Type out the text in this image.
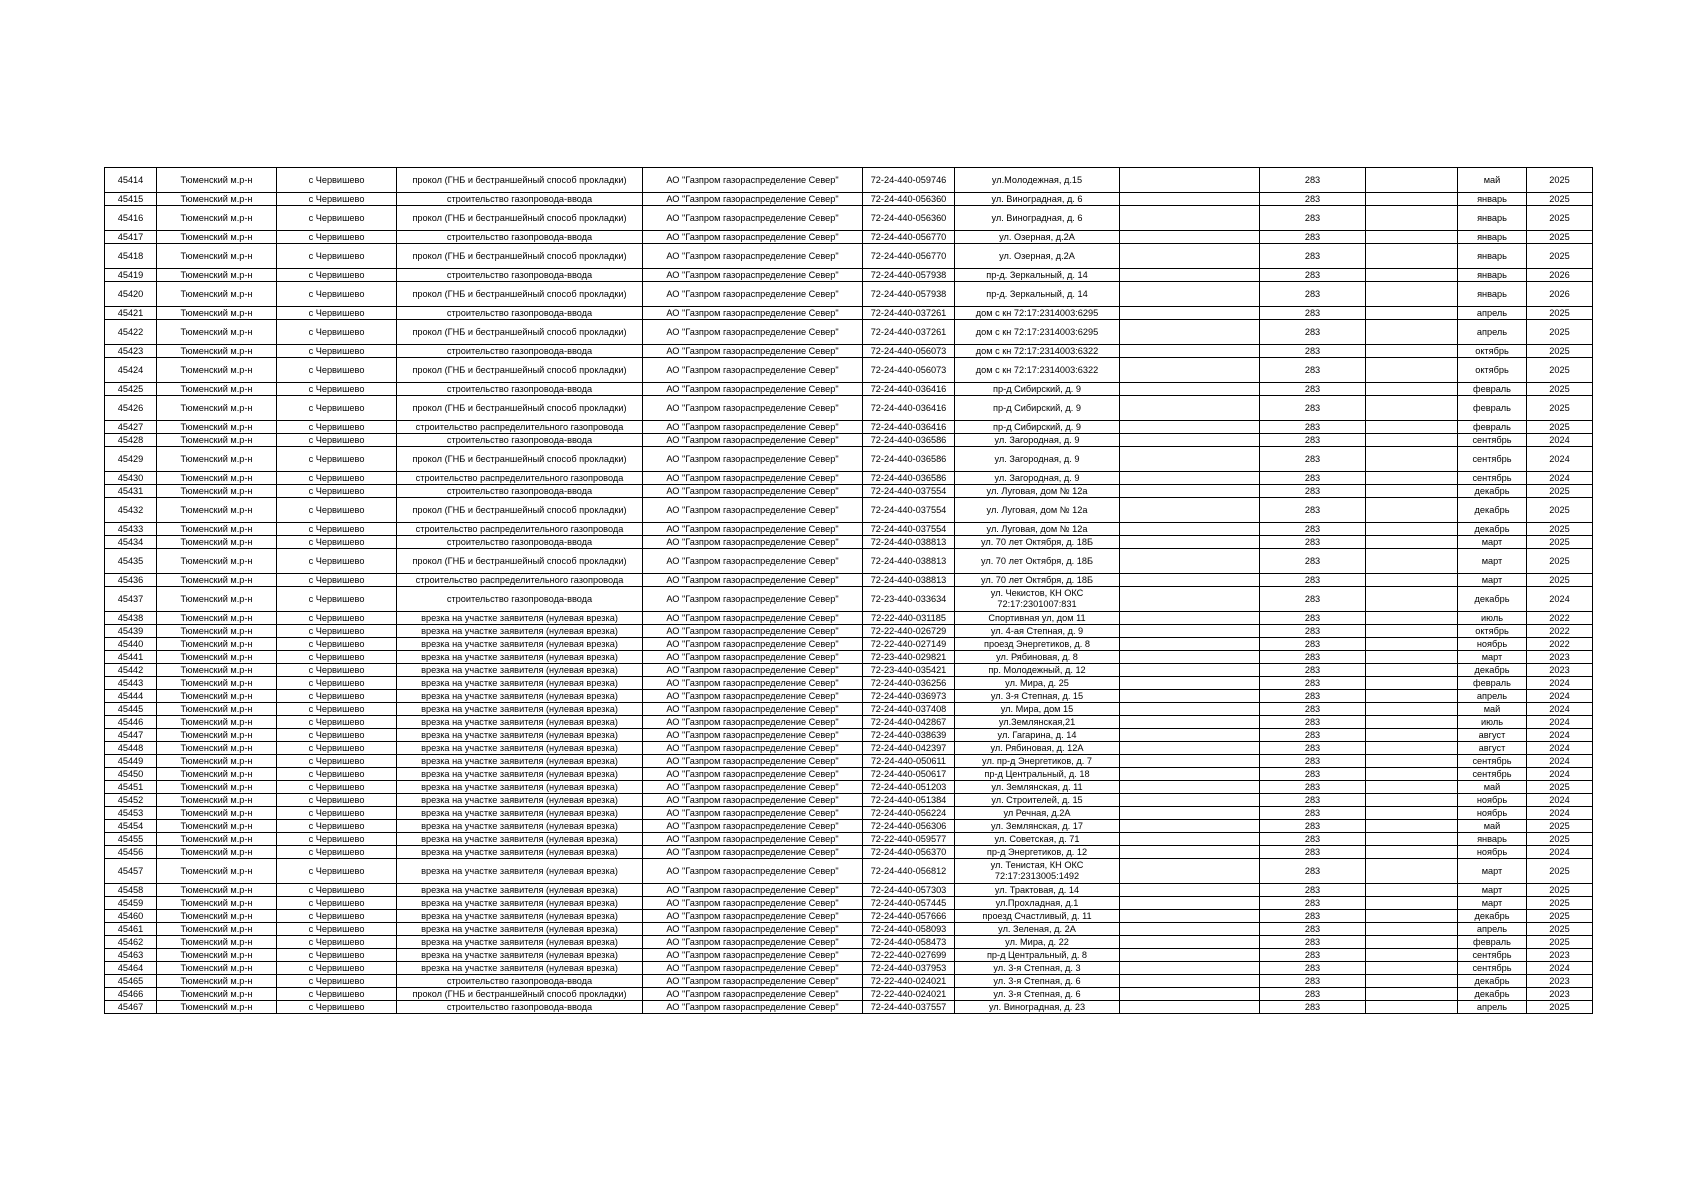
45414	Тюменский м.р-н	с Червишево	прокол (ГНБ и бестраншейный способ прокладки)	АО "Газпром газораспределение Север"	72-24-440-059746	ул.Молодежная, д.15		283		май	2025
45415	Тюменский м.р-н	с Червишево	строительство газопровода-ввода	АО "Газпром газораспределение Север"	72-24-440-056360	ул. Виноградная, д. 6		283		январь	2025
45416	Тюменский м.р-н	с Червишево	прокол (ГНБ и бестраншейный способ прокладки)	АО "Газпром газораспределение Север"	72-24-440-056360	ул. Виноградная, д. 6		283		январь	2025
45417	Тюменский м.р-н	с Червишево	строительство газопровода-ввода	АО "Газпром газораспределение Север"	72-24-440-056770	ул. Озерная, д.2А		283		январь	2025
45418	Тюменский м.р-н	с Червишево	прокол (ГНБ и бестраншейный способ прокладки)	АО "Газпром газораспределение Север"	72-24-440-056770	ул. Озерная, д.2А		283		январь	2025
45419	Тюменский м.р-н	с Червишево	строительство газопровода-ввода	АО "Газпром газораспределение Север"	72-24-440-057938	пр-д. Зеркальный, д. 14		283		январь	2026
45420	Тюменский м.р-н	с Червишево	прокол (ГНБ и бестраншейный способ прокладки)	АО "Газпром газораспределение Север"	72-24-440-057938	пр-д. Зеркальный, д. 14		283		январь	2026
45421	Тюменский м.р-н	с Червишево	строительство газопровода-ввода	АО "Газпром газораспределение Север"	72-24-440-037261	дом с кн 72:17:2314003:6295		283		апрель	2025
45422	Тюменский м.р-н	с Червишево	прокол (ГНБ и бестраншейный способ прокладки)	АО "Газпром газораспределение Север"	72-24-440-037261	дом с кн 72:17:2314003:6295		283		апрель	2025
45423	Тюменский м.р-н	с Червишево	строительство газопровода-ввода	АО "Газпром газораспределение Север"	72-24-440-056073	дом с кн 72:17:2314003:6322		283		октябрь	2025
45424	Тюменский м.р-н	с Червишево	прокол (ГНБ и бестраншейный способ прокладки)	АО "Газпром газораспределение Север"	72-24-440-056073	дом с кн 72:17:2314003:6322		283		октябрь	2025
45425	Тюменский м.р-н	с Червишево	строительство газопровода-ввода	АО "Газпром газораспределение Север"	72-24-440-036416	пр-д Сибирский, д. 9		283		февраль	2025
45426	Тюменский м.р-н	с Червишево	прокол (ГНБ и бестраншейный способ прокладки)	АО "Газпром газораспределение Север"	72-24-440-036416	пр-д Сибирский, д. 9		283		февраль	2025
45427	Тюменский м.р-н	с Червишево	строительство распределительного газопровода	АО "Газпром газораспределение Север"	72-24-440-036416	пр-д Сибирский, д. 9		283		февраль	2025
45428	Тюменский м.р-н	с Червишево	строительство газопровода-ввода	АО "Газпром газораспределение Север"	72-24-440-036586	ул. Загородная, д. 9		283		сентябрь	2024
45429	Тюменский м.р-н	с Червишево	прокол (ГНБ и бестраншейный способ прокладки)	АО "Газпром газораспределение Север"	72-24-440-036586	ул. Загородная, д. 9		283		сентябрь	2024
45430	Тюменский м.р-н	с Червишево	строительство распределительного газопровода	АО "Газпром газораспределение Север"	72-24-440-036586	ул. Загородная, д. 9		283		сентябрь	2024
45431	Тюменский м.р-н	с Червишево	строительство газопровода-ввода	АО "Газпром газораспределение Север"	72-24-440-037554	ул. Луговая, дом № 12а		283		декабрь	2025
45432	Тюменский м.р-н	с Червишево	прокол (ГНБ и бестраншейный способ прокладки)	АО "Газпром газораспределение Север"	72-24-440-037554	ул. Луговая, дом № 12а		283		декабрь	2025
45433	Тюменский м.р-н	с Червишево	строительство распределительного газопровода	АО "Газпром газораспределение Север"	72-24-440-037554	ул. Луговая, дом № 12а		283		декабрь	2025
45434	Тюменский м.р-н	с Червишево	строительство газопровода-ввода	АО "Газпром газораспределение Север"	72-24-440-038813	ул. 70 лет Октября, д. 18Б		283		март	2025
45435	Тюменский м.р-н	с Червишево	прокол (ГНБ и бестраншейный способ прокладки)	АО "Газпром газораспределение Север"	72-24-440-038813	ул. 70 лет Октября, д. 18Б		283		март	2025
45436	Тюменский м.р-н	с Червишево	строительство распределительного газопровода	АО "Газпром газораспределение Север"	72-24-440-038813	ул. 70 лет Октября, д. 18Б		283		март	2025
45437	Тюменский м.р-н	с Червишево	строительство газопровода-ввода	АО "Газпром газораспределение Север"	72-23-440-033634	ул. Чекистов, КН ОКС 72:17:2301007:831		283		декабрь	2024
45438	Тюменский м.р-н	с Червишево	врезка на участке заявителя (нулевая врезка)	АО "Газпром газораспределение Север"	72-22-440-031185	Спортивная ул, дом 11		283		июль	2022
45439	Тюменский м.р-н	с Червишево	врезка на участке заявителя (нулевая врезка)	АО "Газпром газораспределение Север"	72-22-440-026729	ул. 4-ая Степная, д. 9		283		октябрь	2022
45440	Тюменский м.р-н	с Червишево	врезка на участке заявителя (нулевая врезка)	АО "Газпром газораспределение Север"	72-22-440-027149	проезд Энергетиков, д. 8		283		ноябрь	2022
45441	Тюменский м.р-н	с Червишево	врезка на участке заявителя (нулевая врезка)	АО "Газпром газораспределение Север"	72-23-440-029821	ул. Рябиновая, д. 8		283		март	2023
45442	Тюменский м.р-н	с Червишево	врезка на участке заявителя (нулевая врезка)	АО "Газпром газораспределение Север"	72-23-440-035421	пр. Молодежный, д. 12		283		декабрь	2023
45443	Тюменский м.р-н	с Червишево	врезка на участке заявителя (нулевая врезка)	АО "Газпром газораспределение Север"	72-24-440-036256	ул. Мира, д. 25		283		февраль	2024
45444	Тюменский м.р-н	с Червишево	врезка на участке заявителя (нулевая врезка)	АО "Газпром газораспределение Север"	72-24-440-036973	ул. 3-я Степная, д. 15		283		апрель	2024
45445	Тюменский м.р-н	с Червишево	врезка на участке заявителя (нулевая врезка)	АО "Газпром газораспределение Север"	72-24-440-037408	ул. Мира, дом 15		283		май	2024
45446	Тюменский м.р-н	с Червишево	врезка на участке заявителя (нулевая врезка)	АО "Газпром газораспределение Север"	72-24-440-042867	ул.Землянская,21		283		июль	2024
45447	Тюменский м.р-н	с Червишево	врезка на участке заявителя (нулевая врезка)	АО "Газпром газораспределение Север"	72-24-440-038639	ул. Гагарина, д. 14		283		август	2024
45448	Тюменский м.р-н	с Червишево	врезка на участке заявителя (нулевая врезка)	АО "Газпром газораспределение Север"	72-24-440-042397	ул. Рябиновая, д. 12А		283		август	2024
45449	Тюменский м.р-н	с Червишево	врезка на участке заявителя (нулевая врезка)	АО "Газпром газораспределение Север"	72-24-440-050611	ул. пр-д Энергетиков, д. 7		283		сентябрь	2024
45450	Тюменский м.р-н	с Червишево	врезка на участке заявителя (нулевая врезка)	АО "Газпром газораспределение Север"	72-24-440-050617	пр-д Центральный, д. 18		283		сентябрь	2024
45451	Тюменский м.р-н	с Червишево	врезка на участке заявителя (нулевая врезка)	АО "Газпром газораспределение Север"	72-24-440-051203	ул. Землянская, д. 11		283		май	2025
45452	Тюменский м.р-н	с Червишево	врезка на участке заявителя (нулевая врезка)	АО "Газпром газораспределение Север"	72-24-440-051384	ул. Строителей, д. 15		283		ноябрь	2024
45453	Тюменский м.р-н	с Червишево	врезка на участке заявителя (нулевая врезка)	АО "Газпром газораспределение Север"	72-24-440-056224	ул Речная, д.2А		283		ноябрь	2024
45454	Тюменский м.р-н	с Червишево	врезка на участке заявителя (нулевая врезка)	АО "Газпром газораспределение Север"	72-24-440-056306	ул. Землянская, д. 17		283		май	2025
45455	Тюменский м.р-н	с Червишево	врезка на участке заявителя (нулевая врезка)	АО "Газпром газораспределение Север"	72-22-440-059577	ул. Советская, д. 71		283		январь	2025
45456	Тюменский м.р-н	с Червишево	врезка на участке заявителя (нулевая врезка)	АО "Газпром газораспределение Север"	72-24-440-056370	пр-д Энергетиков, д. 12		283		ноябрь	2024
45457	Тюменский м.р-н	с Червишево	врезка на участке заявителя (нулевая врезка)	АО "Газпром газораспределение Север"	72-24-440-056812	ул. Тенистая, КН ОКС 72:17:2313005:1492		283		март	2025
45458	Тюменский м.р-н	с Червишево	врезка на участке заявителя (нулевая врезка)	АО "Газпром газораспределение Север"	72-24-440-057303	ул. Трактовая, д. 14		283		март	2025
45459	Тюменский м.р-н	с Червишево	врезка на участке заявителя (нулевая врезка)	АО "Газпром газораспределение Север"	72-24-440-057445	ул.Прохладная, д.1		283		март	2025
45460	Тюменский м.р-н	с Червишево	врезка на участке заявителя (нулевая врезка)	АО "Газпром газораспределение Север"	72-24-440-057666	проезд Счастливый, д. 11		283		декабрь	2025
45461	Тюменский м.р-н	с Червишево	врезка на участке заявителя (нулевая врезка)	АО "Газпром газораспределение Север"	72-24-440-058093	ул. Зеленая, д. 2А		283		апрель	2025
45462	Тюменский м.р-н	с Червишево	врезка на участке заявителя (нулевая врезка)	АО "Газпром газораспределение Север"	72-24-440-058473	ул. Мира, д. 22		283		февраль	2025
45463	Тюменский м.р-н	с Червишево	врезка на участке заявителя (нулевая врезка)	АО "Газпром газораспределение Север"	72-22-440-027699	пр-д Центральный, д. 8		283		сентябрь	2023
45464	Тюменский м.р-н	с Червишево	врезка на участке заявителя (нулевая врезка)	АО "Газпром газораспределение Север"	72-24-440-037953	ул. 3-я Степная, д. 3		283		сентябрь	2024
45465	Тюменский м.р-н	с Червишево	строительство газопровода-ввода	АО "Газпром газораспределение Север"	72-22-440-024021	ул. 3-я Степная, д. 6		283		декабрь	2023
45466	Тюменский м.р-н	с Червишево	прокол (ГНБ и бестраншейный способ прокладки)	АО "Газпром газораспределение Север"	72-22-440-024021	ул. 3-я Степная, д. 6		283		декабрь	2023
45467	Тюменский м.р-н	с Червишево	строительство газопровода-ввода	АО "Газпром газораспределение Север"	72-24-440-037557	ул. Виноградная, д. 23		283		апрель	2025
